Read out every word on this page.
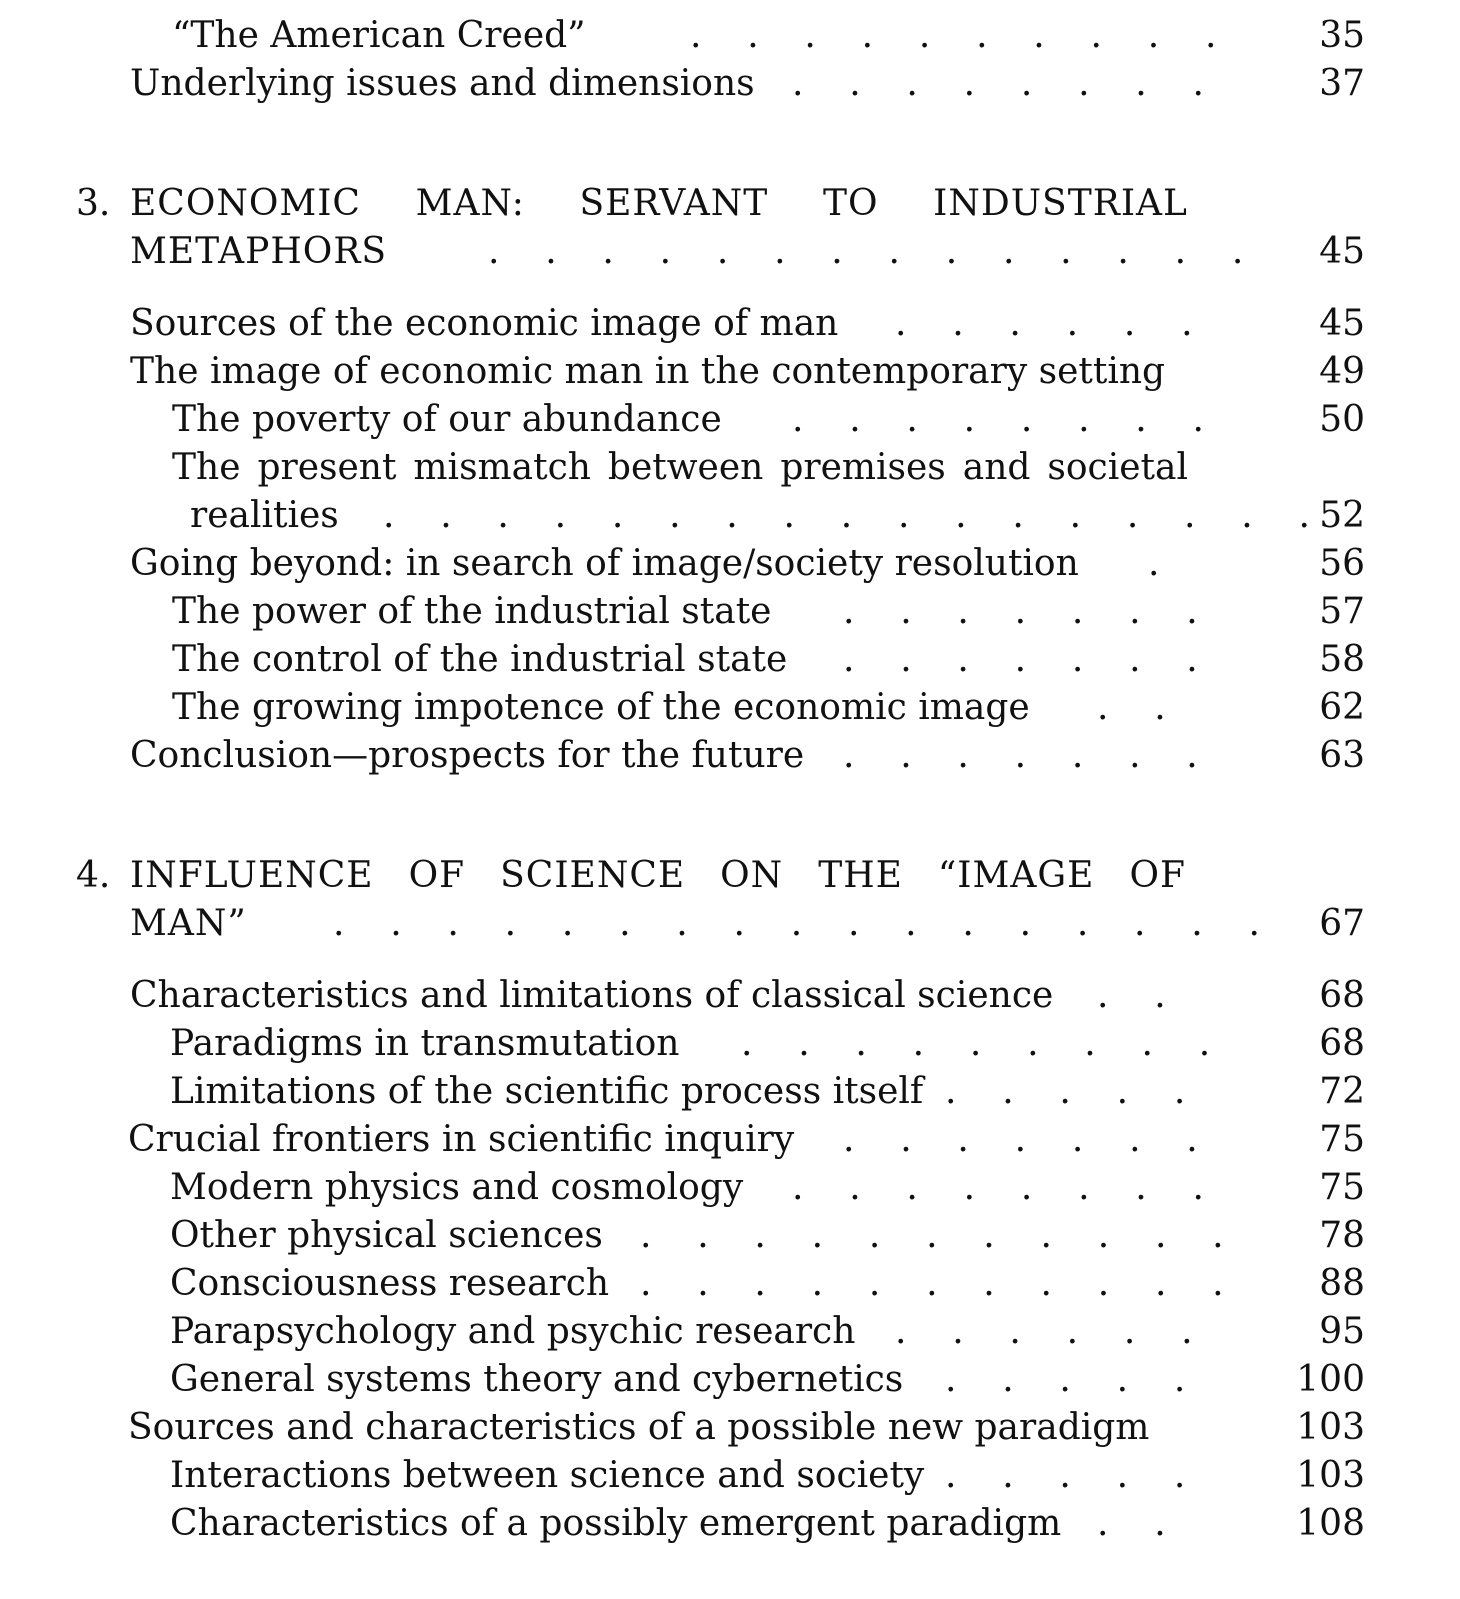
“The American Creed”	.    .    .    .    .    .    .    .    .    .	35
Underlying issues and dimensions .    .    .    .    .    .    .    .	37
3. ECONOMIC MAN: SERVANT TO INDUSTRIAL
METAPHORS	.    .    .    .    .    .    .    .    .    .    .    .    .    . 45
Sources of the economic image of man .    .    .    .    .    .	45
The image of economic man in the contemporary setting	49
The poverty of our abundance .    .    .    .    .    .    .    .	50
The present mismatch between premises and societal
realities .    .    .    .    .    .    .    .    .    .    .    .    .    .    .    .    . 52
Going beyond: in search of image/society resolution .	56
The power of the industrial state .    .    .    .    .    .    .	57
The control of the industrial state .    .    .    .    .    .    .	58
The growing impotence of the economic image .    .	62
Conclusion—prospects for the future .    .    .    .    .    .    .	63
4. INFLUENCE OF SCIENCE ON THE “IMAGE OF
MAN” .    .    .    .    .    .    .    .    .    .    .    .    .    .    .    .    . 67
Characteristics and limitations of classical science .    .	68
Paradigms in transmutation .    .    .    .    .    .    .    .    .	68
Limitations of the scientific process itself .    .    .    .    .	72
Crucial frontiers in scientific inquiry .    .    .    .    .    .    .	75
Modern physics and cosmology .    .    .    .    .    .    .    .	75
Other physical sciences .    .    .    .    .    .    .    .    .    .    .	78
Consciousness research .    .    .    .    .    .    .    .    .    .    .	88
Parapsychology and psychic research .    .    .    .    .    .	95
General systems theory and cybernetics .    .    .    .    .	100
Sources and characteristics of a possible new paradigm	103
Interactions between science and society .    .    .    .    .	103
Characteristics of a possibly emergent paradigm .    .	108
